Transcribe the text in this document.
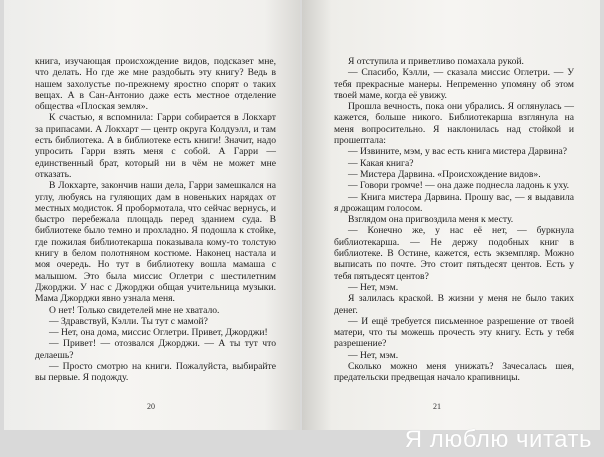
книга, изучающая происхождение видов, подсказет мне, что делать. Но где же мне раздобыть эту книгу? Ведь в нашем захолустье по-прежнему яростно спорят о таких вещах. А в Сан-Антонио даже есть местное отделение общества «Плоская земля».

К счастью, я вспомнила: Гарри собирается в Локхарт за припасами. А Локхарт — центр округа Колдуэлл, и там есть библиотека. А в библиотеке есть книги! Значит, надо упросить Гарри взять меня с собой. А Гарри — единственный брат, который ни в чём не может мне отказать.

В Локхарте, закончив наши дела, Гарри замешкался на углу, любуясь на гуляющих дам в новеньких нарядах от местных модисток. Я пробормотала, что сейчас вернусь, и быстро перебежала площадь перед зданием суда. В библиотеке было темно и прохладно. Я подошла к стойке, где пожилая библиотекарша показывала кому-то толстую книгу в белом полотняном костюме. Наконец настала и моя очередь. Но тут в библиотеку вошла мамаша с малышом. Это была миссис Оглетри с шестилетним Джорджи. У нас с Джорджи общая учительница музыки. Мама Джорджи явно узнала меня.

О нет! Только свидетелей мне не хватало.

— Здравствуй, Кэлли. Ты тут с мамой?

— Нет, она дома, миссис Оглетри. Привет, Джорджи!

— Привет! — отозвался Джорджи. — А ты тут что делаешь?

— Просто смотрю на книги. Пожалуйста, выбирайте вы первые. Я подожду.

20

Я отступила и приветливо помахала рукой.

— Спасибо, Кэлли, — сказала миссис Оглетри. — У тебя прекрасные манеры. Непременно упомяну об этом твоей маме, когда её увижу.

Прошла вечность, пока они убрались. Я оглянулась — кажется, больше никого. Библиотекарша взглянула на меня вопросительно. Я наклонилась над стойкой и прошептала:

— Извините, мэм, у вас есть книга мистера Дарвина?

— Какая книга?

— Мистера Дарвина. «Происхождение видов».

— Говори громче! — она даже поднесла ладонь к уху.

— Книга мистера Дарвина. Прошу вас, — я выдавила я дрожащим голосом.

Взглядом она пригвоздила меня к месту.

— Конечно же, у нас её нет, — буркнула библиотекарша. — Не держу подобных книг в библиотеке. В Остине, кажется, есть экземпляр. Можно выписать по почте. Это стоит пятьдесят центов. Есть у тебя пятьдесят центов?

— Нет, мэм.

Я залилась краской. В жизни у меня не было таких денег.

— И ещё требуется письменное разрешение от твоей матери, что ты можешь прочесть эту книгу. Есть у тебя разрешение?

— Нет, мэм.

Сколько можно меня унижать? Зачесалась шея, предательски предвещая начало крапивницы.

21
Я люблю читать
